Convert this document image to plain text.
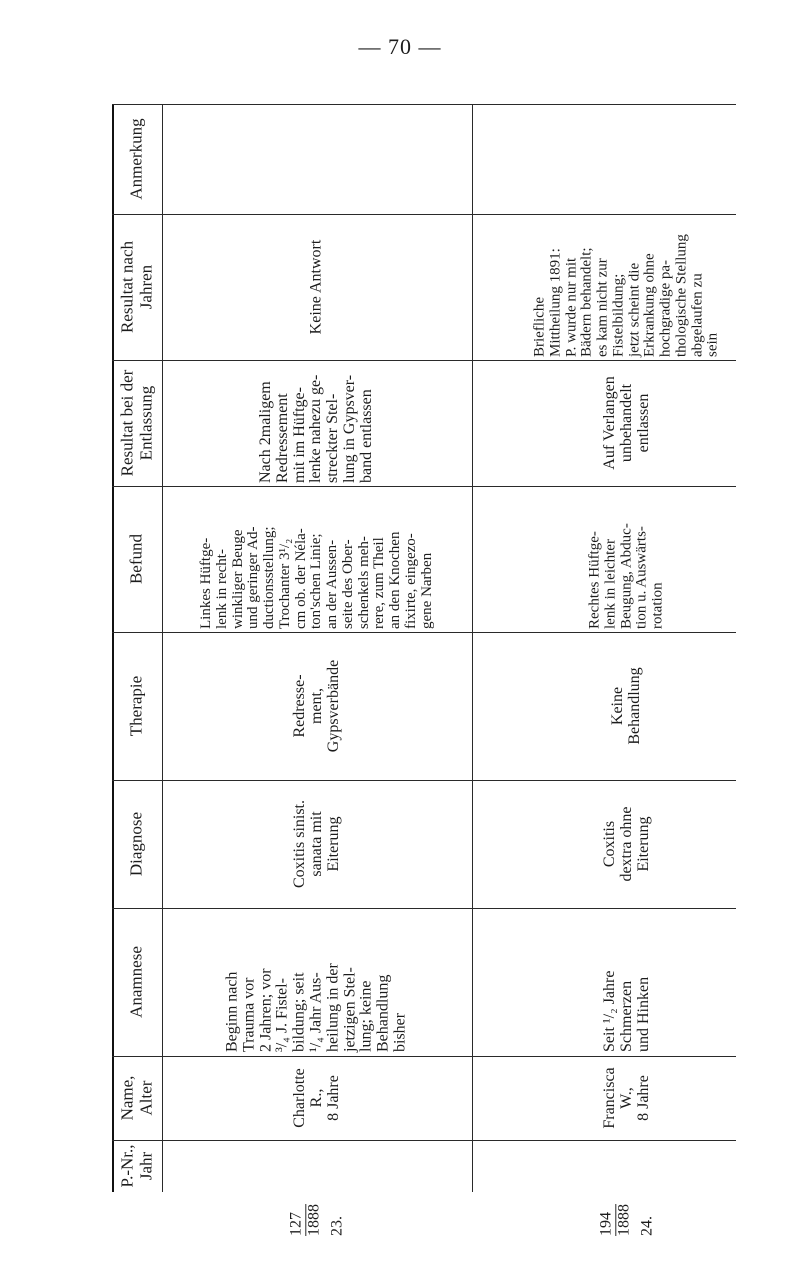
— 70 —
Anmerkung
Resultat nach
Jahren
Resultat bei der
Entlassung
Befund
Therapie
Diagnose
Anamnese
Name,
Alter
P.-Nr.,
Jahr
Keine Antwort
Nach 2maligem
Redressement
mit im Hüftge-
lenke nahezu ge-
streckter Stel-
lung in Gypsver-
band entlassen
Linkes Hüftge-
lenk in recht-
winkliger Beuge
und geringer Ad-
ductionsstellung;
Trochanter 3¹/₂
cm ob. der Néla-
ton'schen Linie;
an der Aussen-
seite des Ober-
schenkels meh-
rere, zum Theil
an den Knochen
fixirte, eingezo-
gene Narben
Redresse-
ment,
Gypsverbände
Coxitis sinist.
sanata mit
Eiterung
Beginn nach
Trauma vor
2 Jahren; vor
³/₄ J. Fistel-
bildung; seit
¹/₄ Jahr Aus-
heilung in der
jetzigen Stel-
lung; keine
Behandlung
bisher
Charlotte
R.,
8 Jahre
127 1888 23.
Briefliche
Mittheilung 1891:
P. wurde nur mit
Bädern behandelt;
es kam nicht zur
Fistelbildung;
jetzt scheint die
Erkrankung ohne
hochgradige pa-
thologische Stellung
abgelaufen zu
sein
Auf Verlangen
unbehandelt
entlassen
Rechtes Hüftge-
lenk in leichter
Beugung, Abduc-
tion u. Auswärts-
rotation
Keine
Behandlung
Coxitis
dextra ohne
Eiterung
Seit ¹/₂ Jahre
Schmerzen
und Hinken
Francisca
W.,
8 Jahre
194 1888 24.
